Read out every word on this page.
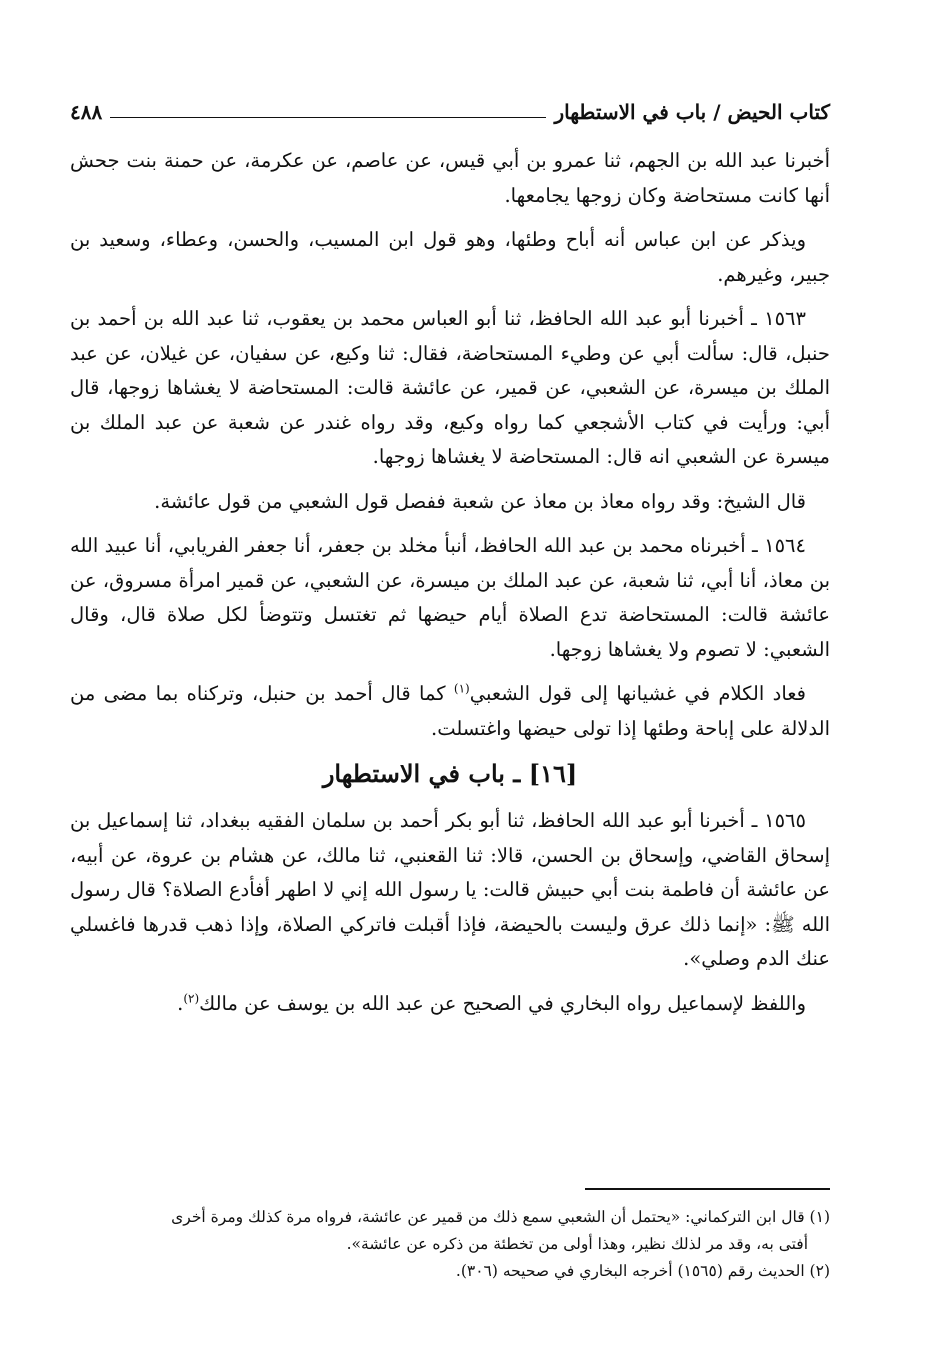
كتاب الحيض / باب في الاستطهار
٤٨٨

أخبرنا عبد الله بن الجهم، ثنا عمرو بن أبي قيس، عن عاصم، عن عكرمة، عن حمنة بنت جحش أنها كانت مستحاضة وكان زوجها يجامعها.

ويذكر عن ابن عباس أنه أباح وطئها، وهو قول ابن المسيب، والحسن، وعطاء، وسعيد بن جبير، وغيرهم.

١٥٦٣ ـ أخبرنا أبو عبد الله الحافظ، ثنا أبو العباس محمد بن يعقوب، ثنا عبد الله بن أحمد بن حنبل، قال: سألت أبي عن وطيء المستحاضة، فقال: ثنا وكيع، عن سفيان، عن غيلان، عن عبد الملك بن ميسرة، عن الشعبي، عن قمير، عن عائشة قالت: المستحاضة لا يغشاها زوجها، قال أبي: ورأيت في كتاب الأشجعي كما رواه وكيع، وقد رواه غندر عن شعبة عن عبد الملك بن ميسرة عن الشعبي انه قال: المستحاضة لا يغشاها زوجها.

قال الشيخ: وقد رواه معاذ بن معاذ عن شعبة ففصل قول الشعبي من قول عائشة.

١٥٦٤ ـ أخبرناه محمد بن عبد الله الحافظ، أنبأ مخلد بن جعفر، أنا جعفر الفريابي، أنا عبيد الله بن معاذ، أنا أبي، ثنا شعبة، عن عبد الملك بن ميسرة، عن الشعبي، عن قمير امرأة مسروق، عن عائشة قالت: المستحاضة تدع الصلاة أيام حيضها ثم تغتسل وتتوضأ لكل صلاة قال، وقال الشعبي: لا تصوم ولا يغشاها زوجها.

فعاد الكلام في غشيانها إلى قول الشعبي$^{(١)}$ كما قال أحمد بن حنبل، وتركناه بما مضى من الدلالة على إباحة وطئها إذا تولى حيضها واغتسلت.

[١٦] ـ باب في الاستطهار

١٥٦٥ ـ أخبرنا أبو عبد الله الحافظ، ثنا أبو بكر أحمد بن سلمان الفقيه ببغداد، ثنا إسماعيل بن إسحاق القاضي، وإسحاق بن الحسن، قالا: ثنا القعنبي، ثنا مالك، عن هشام بن عروة، عن أبيه، عن عائشة أن فاطمة بنت أبي حبيش قالت: يا رسول الله إني لا اطهر أفأدع الصلاة؟ قال رسول الله ﷺ: «إنما ذلك عرق وليست بالحيضة، فإذا أقبلت فاتركي الصلاة، وإذا ذهب قدرها فاغسلي عنك الدم وصلي».

واللفظ لإسماعيل رواه البخاري في الصحيح عن عبد الله بن يوسف عن مالك$^{(٢)}$.

(١) قال ابن التركماني: «يحتمل أن الشعبي سمع ذلك من قمير عن عائشة، فرواه مرة كذلك ومرة أخرى

أفتى به، وقد مر لذلك نظير، وهذا أولى من تخطئة من ذكره عن عائشة».

(٢) الحديث رقم (١٥٦٥) أخرجه البخاري في صحيحه (٣٠٦).
